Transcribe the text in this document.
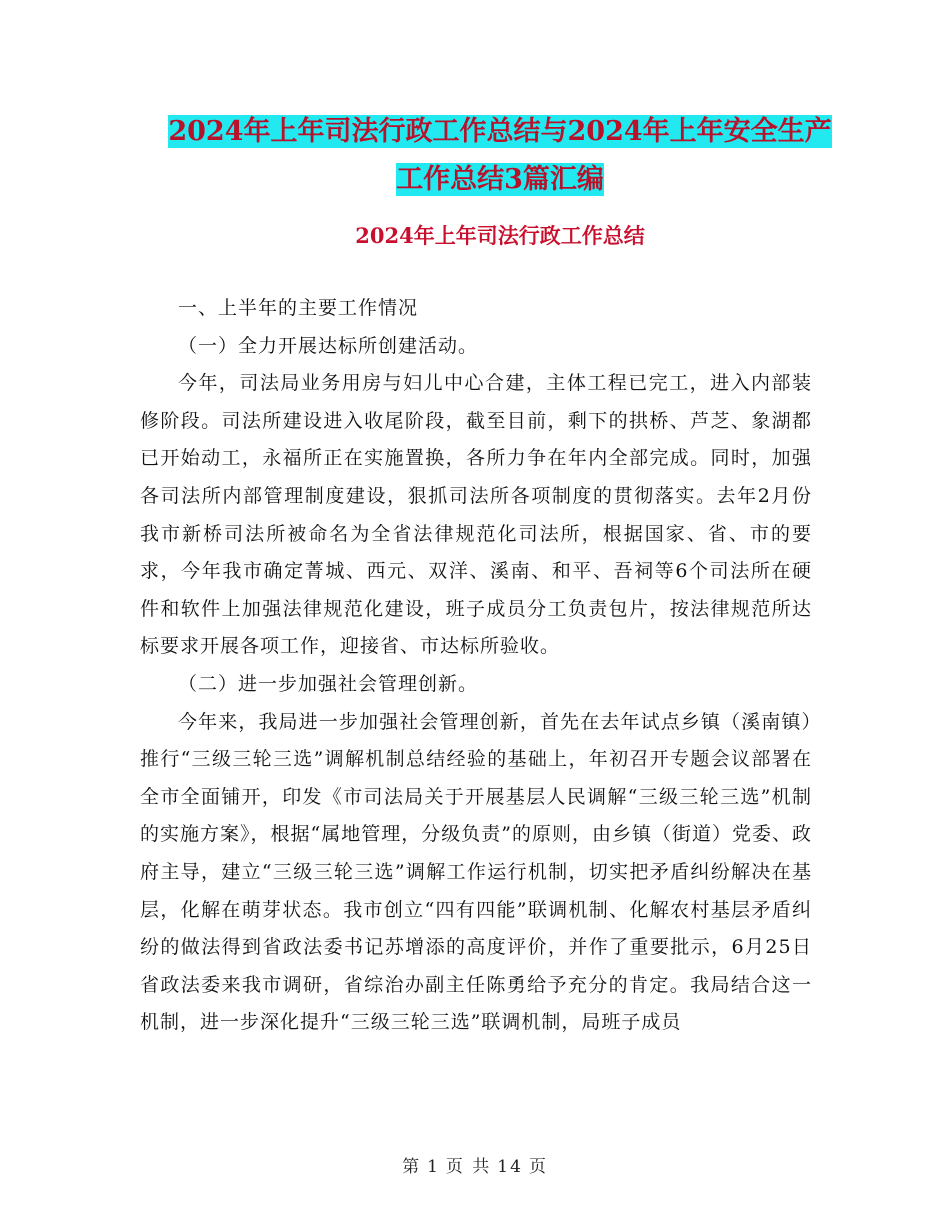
2024年上年司法行政工作总结与2024年上年安全生产
工作总结3篇汇编
2024年上年司法行政工作总结

一、上半年的主要工作情况

（一）全力开展达标所创建活动。

今年，司法局业务用房与妇儿中心合建，主体工程已完工，进入内部装修阶段。司法所建设进入收尾阶段，截至目前，剩下的拱桥、芦芝、象湖都已开始动工，永福所正在实施置换，各所力争在年内全部完成。同时，加强各司法所内部管理制度建设，狠抓司法所各项制度的贯彻落实。去年2月份我市新桥司法所被命名为全省法律规范化司法所，根据国家、省、市的要求，今年我市确定菁城、西元、双洋、溪南、和平、吾祠等6个司法所在硬件和软件上加强法律规范化建设，班子成员分工负责包片，按法律规范所达标要求开展各项工作，迎接省、市达标所验收。

（二）进一步加强社会管理创新。

今年来，我局进一步加强社会管理创新，首先在去年试点乡镇（溪南镇）推行“三级三轮三选”调解机制总结经验的基础上，年初召开专题会议部署在全市全面铺开，印发《市司法局关于开展基层人民调解“三级三轮三选”机制的实施方案》，根据“属地管理，分级负责”的原则，由乡镇（街道）党委、政府主导，建立“三级三轮三选”调解工作运行机制，切实把矛盾纠纷解决在基层，化解在萌芽状态。我市创立“四有四能”联调机制、化解农村基层矛盾纠纷的做法得到省政法委书记苏增添的高度评价，并作了重要批示，6月25日省政法委来我市调研，省综治办副主任陈勇给予充分的肯定。我局结合这一机制，进一步深化提升“三级三轮三选”联调机制，局班子成员

第 1 页 共 14 页
